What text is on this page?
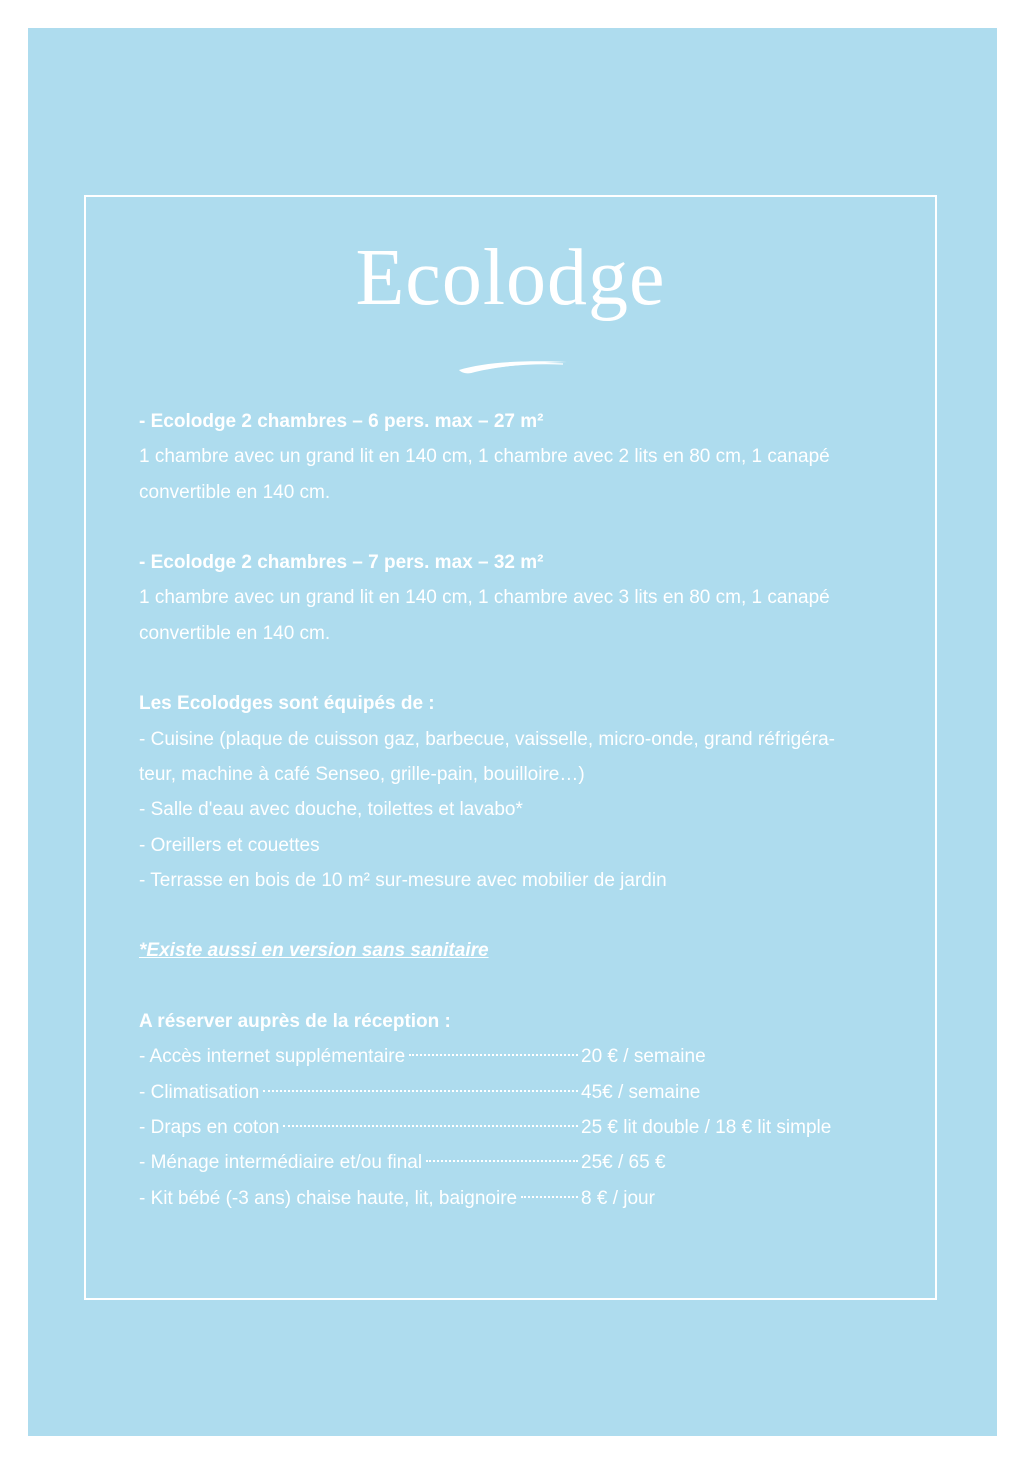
Ecolodge

- Ecolodge 2 chambres – 6 pers. max – 27 m²

1 chambre avec un grand lit en 140 cm, 1 chambre avec 2 lits en 80 cm, 1 canapé

convertible en 140 cm.

- Ecolodge 2 chambres – 7 pers. max – 32 m²

1 chambre avec un grand lit en 140 cm, 1 chambre avec 3 lits en 80 cm, 1 canapé

convertible en 140 cm.

Les Ecolodges sont équipés de :

- Cuisine (plaque de cuisson gaz, barbecue, vaisselle, micro-onde, grand réfrigéra-

teur, machine à café Senseo, grille-pain, bouilloire…)

- Salle d'eau avec douche, toilettes et lavabo*

- Oreillers et couettes

- Terrasse en bois de 10 m² sur-mesure avec mobilier de jardin

*Existe aussi en version sans sanitaire

A réserver auprès de la réception :

- Accès internet supplémentaire	20 € / semaine
- Climatisation	45€ / semaine
- Draps en coton	25 € lit double / 18 € lit simple
- Ménage intermédiaire et/ou final	25€ / 65 €
- Kit bébé (-3 ans) chaise haute, lit, baignoire	8 € / jour
